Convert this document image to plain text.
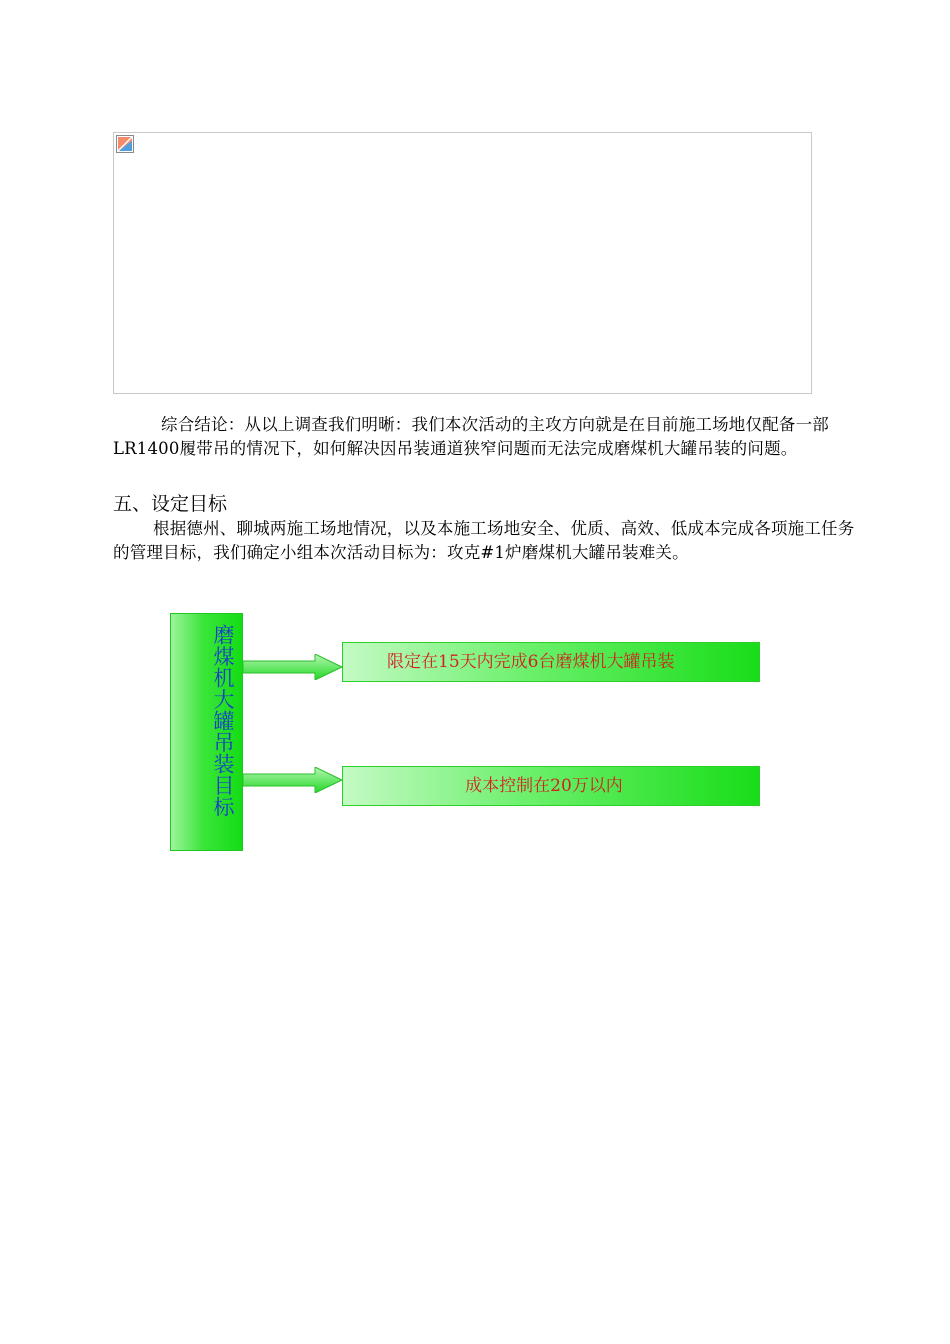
综合结论：从以上调查我们明晰：我们本次活动的主攻方向就是在目前施工场地仅配备一部LR1400履带吊的情况下，如何解决因吊装通道狭窄问题而无法完成磨煤机大罐吊装的问题。
五、设定目标
根据德州、聊城两施工场地情况，以及本施工场地安全、优质、高效、低成本完成各项施工任务的管理目标，我们确定小组本次活动目标为：攻克#1炉磨煤机大罐吊装难关。
磨煤机大罐吊装目标	限定在15天内完成6台磨煤机大罐吊装
成本控制在20万以内
